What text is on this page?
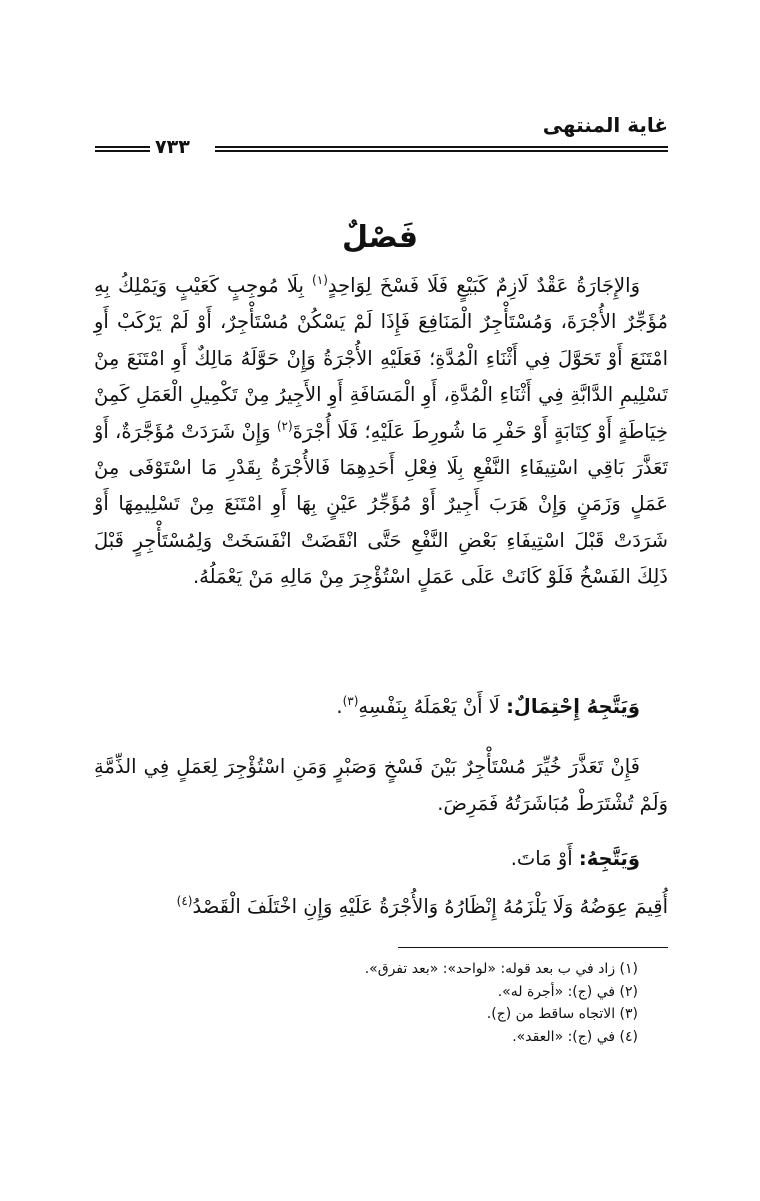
غاية المنتهى
٧٣٣
فَصْلٌ

وَالإِجَارَةُ عَقْدٌ لَازِمٌ كَبَيْعٍ فَلَا فَسْخَ لِوَاحِدٍ$^{(١)}$ بِلَا مُوجِبٍ كَعَيْبٍ وَيَمْلِكُ بِهِ مُؤَجِّرٌ الأُجْرَةَ، وَمُسْتَأْجِرٌ الْمَنَافِعَ فَإِذَا لَمْ يَسْكُنْ مُسْتَأْجِرٌ، أَوْ لَمْ يَرْكَبْ أَوِ امْتَنَعَ أَوْ تَحَوَّلَ فِي أَثْنَاءِ الْمُدَّةِ؛ فَعَلَيْهِ الأُجْرَةُ وَإِنْ حَوَّلَهُ مَالِكٌ أَوِ امْتَنَعَ مِنْ تَسْلِيمِ الدَّابَّةِ فِي أَثْنَاءِ الْمُدَّةِ، أَوِ الْمَسَافَةِ أَوِ الأَجِيرُ مِنْ تَكْمِيلِ الْعَمَلِ كَمِنْ خِيَاطَةٍ أَوْ كِتَابَةٍ أَوْ حَفْرِ مَا شُورِطَ عَلَيْهِ؛ فَلَا أُجْرَةَ$^{(٢)}$ وَإِنْ شَرَدَتْ مُؤَجَّرَةٌ، أَوْ تَعَذَّرَ بَاقِي اسْتِيفَاءِ النَّفْعِ بِلَا فِعْلِ أَحَدِهِمَا فَالأُجْرَةُ بِقَدْرِ مَا اسْتَوْفَى مِنْ عَمَلٍ وَزَمَنٍ وَإِنْ هَرَبَ أَجِيرٌ أَوْ مُؤَجِّرُ عَيْنٍ بِهَا أَوِ امْتَنَعَ مِنْ تَسْلِيمِهَا أَوْ شَرَدَتْ قَبْلَ اسْتِيفَاءِ بَعْضِ النَّفْعِ حَتَّى انْقَضَتْ انْفَسَخَتْ وَلِمُسْتَأْجِرٍ قَبْلَ ذَلِكَ الفَسْخُ فَلَوْ كَانَتْ عَلَى عَمَلٍ اسْتُؤْجِرَ مِنْ مَالِهِ مَنْ يَعْمَلُهُ.

وَيَتَّجِهُ إِحْتِمَالٌ: لَا أَنْ يَعْمَلَهُ بِنَفْسِهِ$^{(٣)}$.

فَإِنْ تَعَذَّرَ خُيِّرَ مُسْتَأْجِرٌ بَيْنَ فَسْخٍ وَصَبْرٍ وَمَنِ اسْتُؤْجِرَ لِعَمَلٍ فِي الذِّمَّةِ وَلَمْ تُشْتَرَطْ مُبَاشَرَتُهُ فَمَرِضَ.

وَيَتَّجِهُ: أَوْ مَاتَ.

أُقِيمَ عِوَضُهُ وَلَا يَلْزَمُهُ إِنْظَارُهُ وَالأُجْرَةُ عَلَيْهِ وَإِنِ اخْتَلَفَ الْقَصْدُ$^{(٤)}$

(١) زاد في ب بعد قوله: «لواحد»: «بعد تفرق».

(٢) في (ج): «أجرة له».

(٣) الاتجاه ساقط من (ج).

(٤) في (ج): «العقد».
